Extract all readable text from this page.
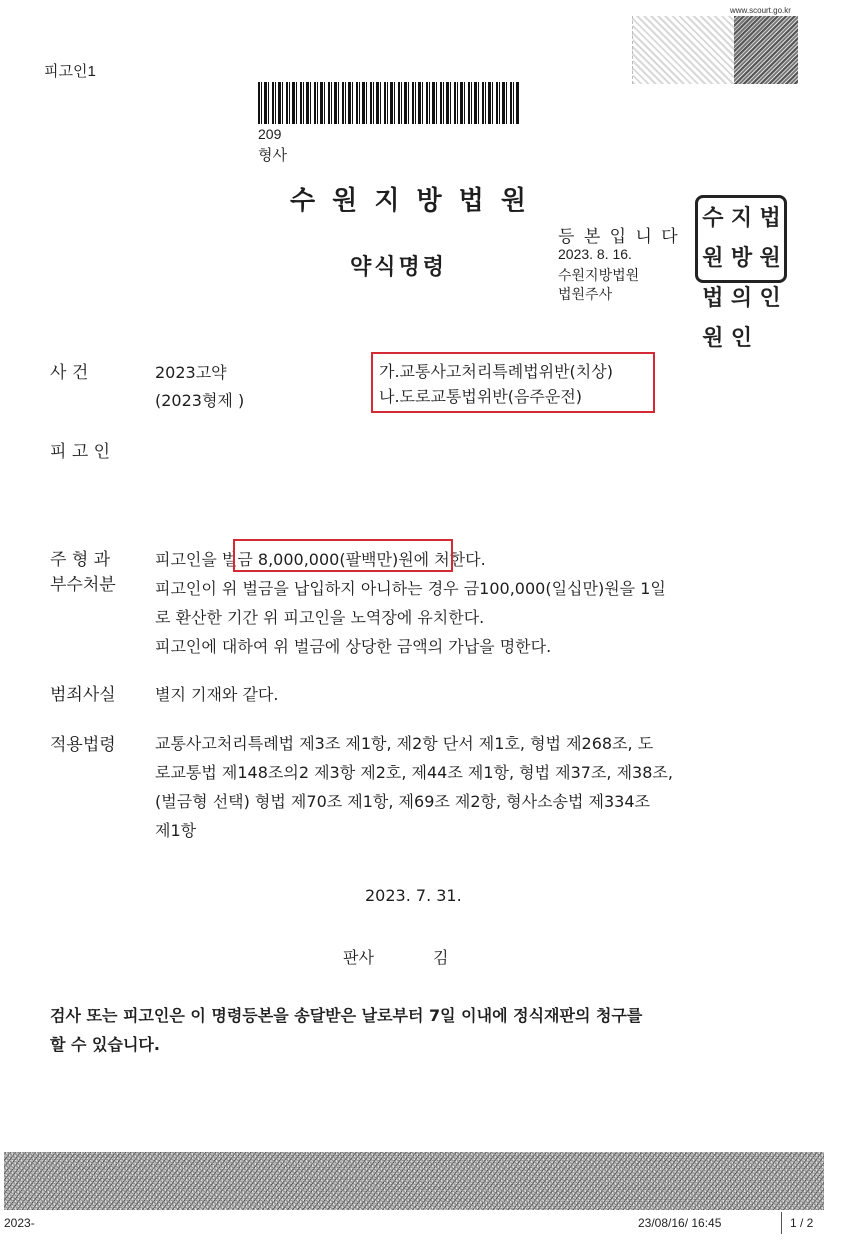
www.scourt.go.kr
피고인1
209
형사
수 원 지 방 법 원
약식명령
등 본 입 니 다
2023. 8. 16.
수원지방법원
법원주사
수원
지방
법원
법원
의인
인
사 건	2023고약
(2023형제 )
가.교통사고처리특례법위반(치상)
나.도로교통법위반(음주운전)
피 고 인
주 형 과
부수처분
피고인을 벌금 8,000,000(팔백만)원에 처한다.
피고인이 위 벌금을 납입하지 아니하는 경우 금100,000(일십만)원을 1일
로 환산한 기간 위 피고인을 노역장에 유치한다.
피고인에 대하여 위 벌금에 상당한 금액의 가납을 명한다.
범죄사실 별지 기재와 같다.
적용법령 교통사고처리특례법 제3조 제1항, 제2항 단서 제1호, 형법 제268조, 도
로교통법 제148조의2 제3항 제2호, 제44조 제1항, 형법 제37조, 제38조,
(벌금형 선택) 형법 제70조 제1항, 제69조 제2항, 형사소송법 제334조
제1항
2023. 7. 31.
판사	김
검사 또는 피고인은 이 명령등본을 송달받은 날로부터 7일 이내에 정식재판의 청구를
할 수 있습니다.
2023-	23/08/16/ 16:45	1 / 2
